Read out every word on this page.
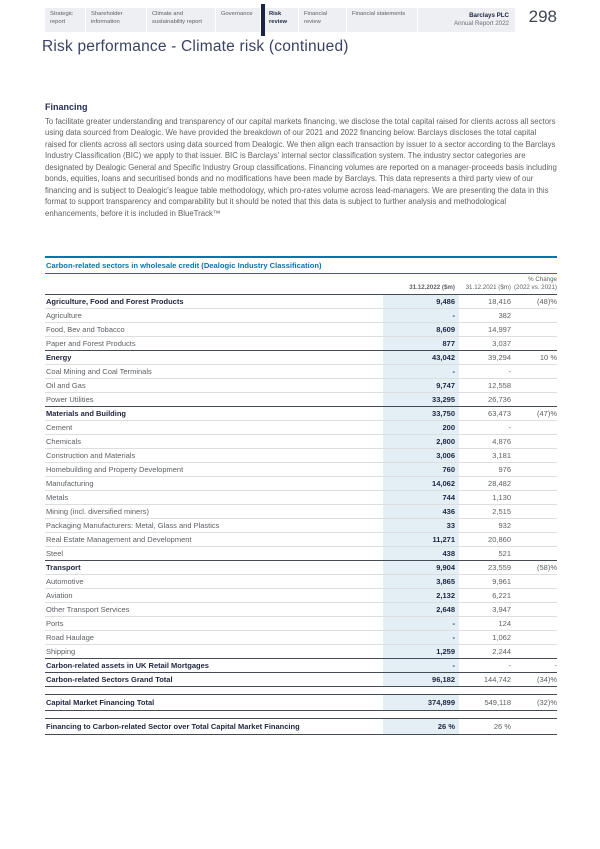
Strategic report
Shareholder information
Climate and sustainability report
Governance	Risk review
Financial review
Financial statements	Barclays PLC
Annual Report 2022 298
Risk performance - Climate risk (continued)
Financing

To facilitate greater understanding and transparency of our capital markets financing, we disclose the total capital raised for clients across all sectors using data sourced from Dealogic. We have provided the breakdown of our 2021 and 2022 financing below. Barclays discloses the total capital raised for clients across all sectors using data sourced from Dealogic. We then align each transaction by issuer to a sector according to the Barclays Industry Classification (BIC) we apply to that issuer. BIC is Barclays' internal sector classification system. The industry sector categories are designated by Dealogic General and Specific Industry Group classifications. Financing volumes are reported on a manager-proceeds basis including bonds, equities, loans and securitised bonds and no modifications have been made by Barclays. This data represents a third party view of our financing and is subject to Dealogic's league table methodology, which pro-rates volume across lead-managers. We are presenting the data in this format to support transparency and comparability but it should be noted that this data is subject to further analysis and methodological enhancements, before it is included in BlueTrack™

Carbon-related sectors in wholesale credit (Dealogic Industry Classification)
31.12.2022 ($m)	31.12.2021 ($m)
% Change (2022 vs. 2021)
Agriculture, Food and Forest Products	9,486	18,416	(48)%
Agriculture	-	382
Food, Bev and Tobacco	8,609	14,997
Paper and Forest Products	877	3,037
Energy	43,042	39,294	10 %
Coal Mining and Coal Terminals	-	-
Oil and Gas	9,747	12,558
Power Utilities	33,295	26,736
Materials and Building	33,750	63,473	(47)%
Cement	200	-
Chemicals	2,800	4,876
Construction and Materials	3,006	3,181
Homebuilding and Property Development	760	976
Manufacturing	14,062	28,482
Metals	744	1,130
Mining (incl. diversified miners)	436	2,515
Packaging Manufacturers: Metal, Glass and Plastics	33	932
Real Estate Management and Development	11,271	20,860
Steel	438	521
Transport	9,904	23,559	(58)%
Automotive	3,865	9,961
Aviation	2,132	6,221
Other Transport Services	2,648	3,947
Ports	-	124
Road Haulage	-	1,062
Shipping	1,259	2,244
Carbon-related assets in UK Retail Mortgages	-	-	-
Carbon-related Sectors Grand Total	96,182	144,742	(34)%
Capital Market Financing Total	374,899	549,118	(32)%
Financing to Carbon-related Sector over Total Capital Market Financing	26 %	26 %
